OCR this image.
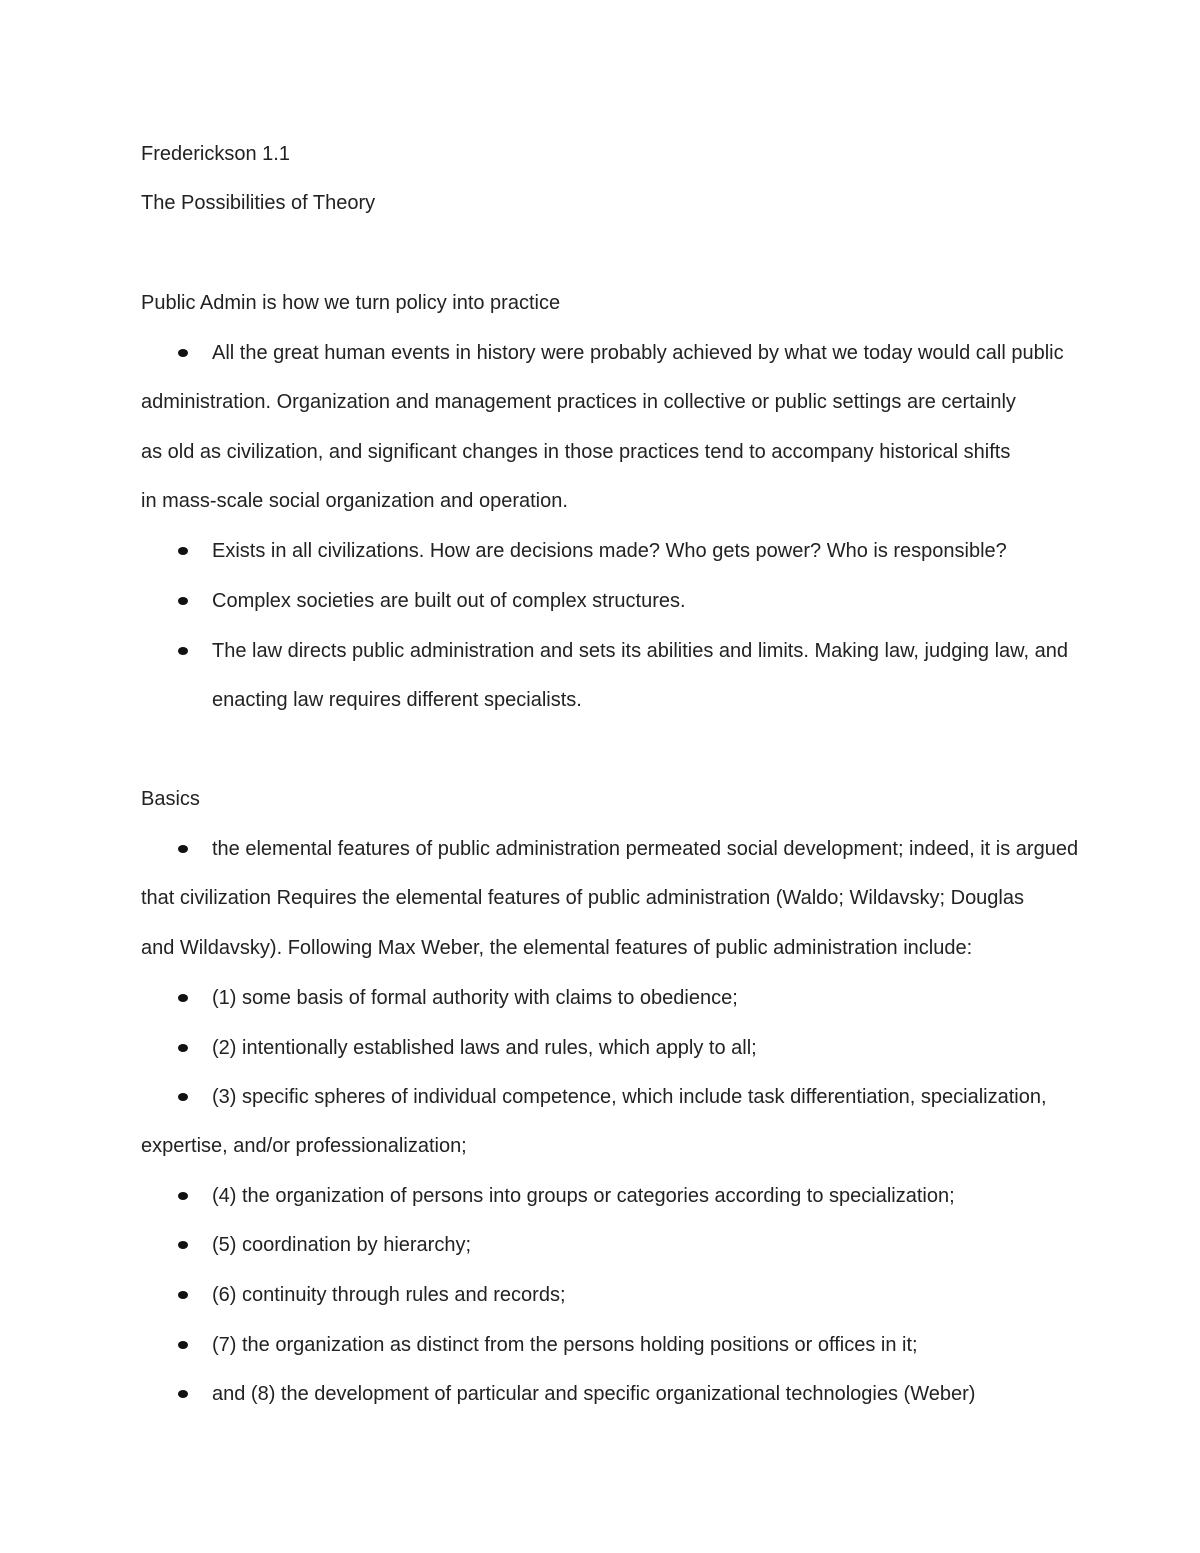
Frederickson 1.1
The Possibilities of Theory
Public Admin is how we turn policy into practice
All the great human events in history were probably achieved by what we today would call public
administration. Organization and management practices in collective or public settings are certainly
as old as civilization, and significant changes in those practices tend to accompany historical shifts
in mass-scale social organization and operation.
Exists in all civilizations. How are decisions made? Who gets power? Who is responsible?
Complex societies are built out of complex structures.
The law directs public administration and sets its abilities and limits. Making law, judging law, and
enacting law requires different specialists.
Basics
the elemental features of public administration permeated social development; indeed, it is argued
that civilization Requires the elemental features of public administration (Waldo; Wildavsky; Douglas
and Wildavsky). Following Max Weber, the elemental features of public administration include:
(1) some basis of formal authority with claims to obedience;
(2) intentionally established laws and rules, which apply to all;
(3) specific spheres of individual competence, which include task differentiation, specialization,
expertise, and/or professionalization;
(4) the organization of persons into groups or categories according to specialization;
(5) coordination by hierarchy;
(6) continuity through rules and records;
(7) the organization as distinct from the persons holding positions or offices in it;
and (8) the development of particular and specific organizational technologies (Weber)
